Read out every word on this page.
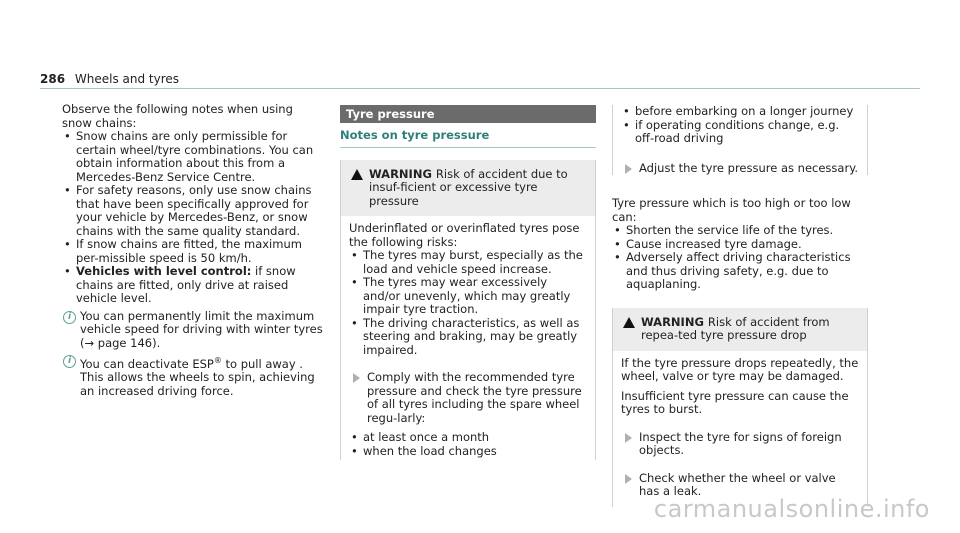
286 Wheels and tyres

Observe the following notes when using snow chains:

• Snow chains are only permissible for certain wheel/tyre combinations. You can obtain information about this from a Mercedes-Benz Service Centre.
• For safety reasons, only use snow chains that have been specifically approved for your vehicle by Mercedes-Benz, or snow chains with the same quality standard.
• If snow chains are fitted, the maximum per-missible speed is 50 km/h.
• Vehicles with level control: if snow chains are fitted, only drive at raised vehicle level.
i You can permanently limit the maximum vehicle speed for driving with winter tyres (→ page 146).
i You can deactivate ESP® to pull away . This allows the wheels to spin, achieving an increased driving force.
Tyre pressure
Notes on tyre pressure
WARNING Risk of accident due to insuf-ficient or excessive tyre pressure

Underinflated or overinflated tyres pose the following risks:

• The tyres may burst, especially as the load and vehicle speed increase.
• The tyres may wear excessively and/or unevenly, which may greatly impair tyre traction.
• The driving characteristics, as well as steering and braking, may be greatly impaired.
Comply with the recommended tyre pressure and check the tyre pressure of all tyres including the spare wheel regu-larly:
• at least once a month
• when the load changes
• before embarking on a longer journey
• if operating conditions change, e.g. off-road driving
Adjust the tyre pressure as necessary.

Tyre pressure which is too high or too low can:

• Shorten the service life of the tyres.
• Cause increased tyre damage.
• Adversely affect driving characteristics and thus driving safety, e.g. due to aquaplaning.
WARNING Risk of accident from repea-ted tyre pressure drop

If the tyre pressure drops repeatedly, the wheel, valve or tyre may be damaged.

Insufficient tyre pressure can cause the tyres to burst.

Inspect the tyre for signs of foreign objects.
Check whether the wheel or valve has a leak.
carmanualsonline.info
